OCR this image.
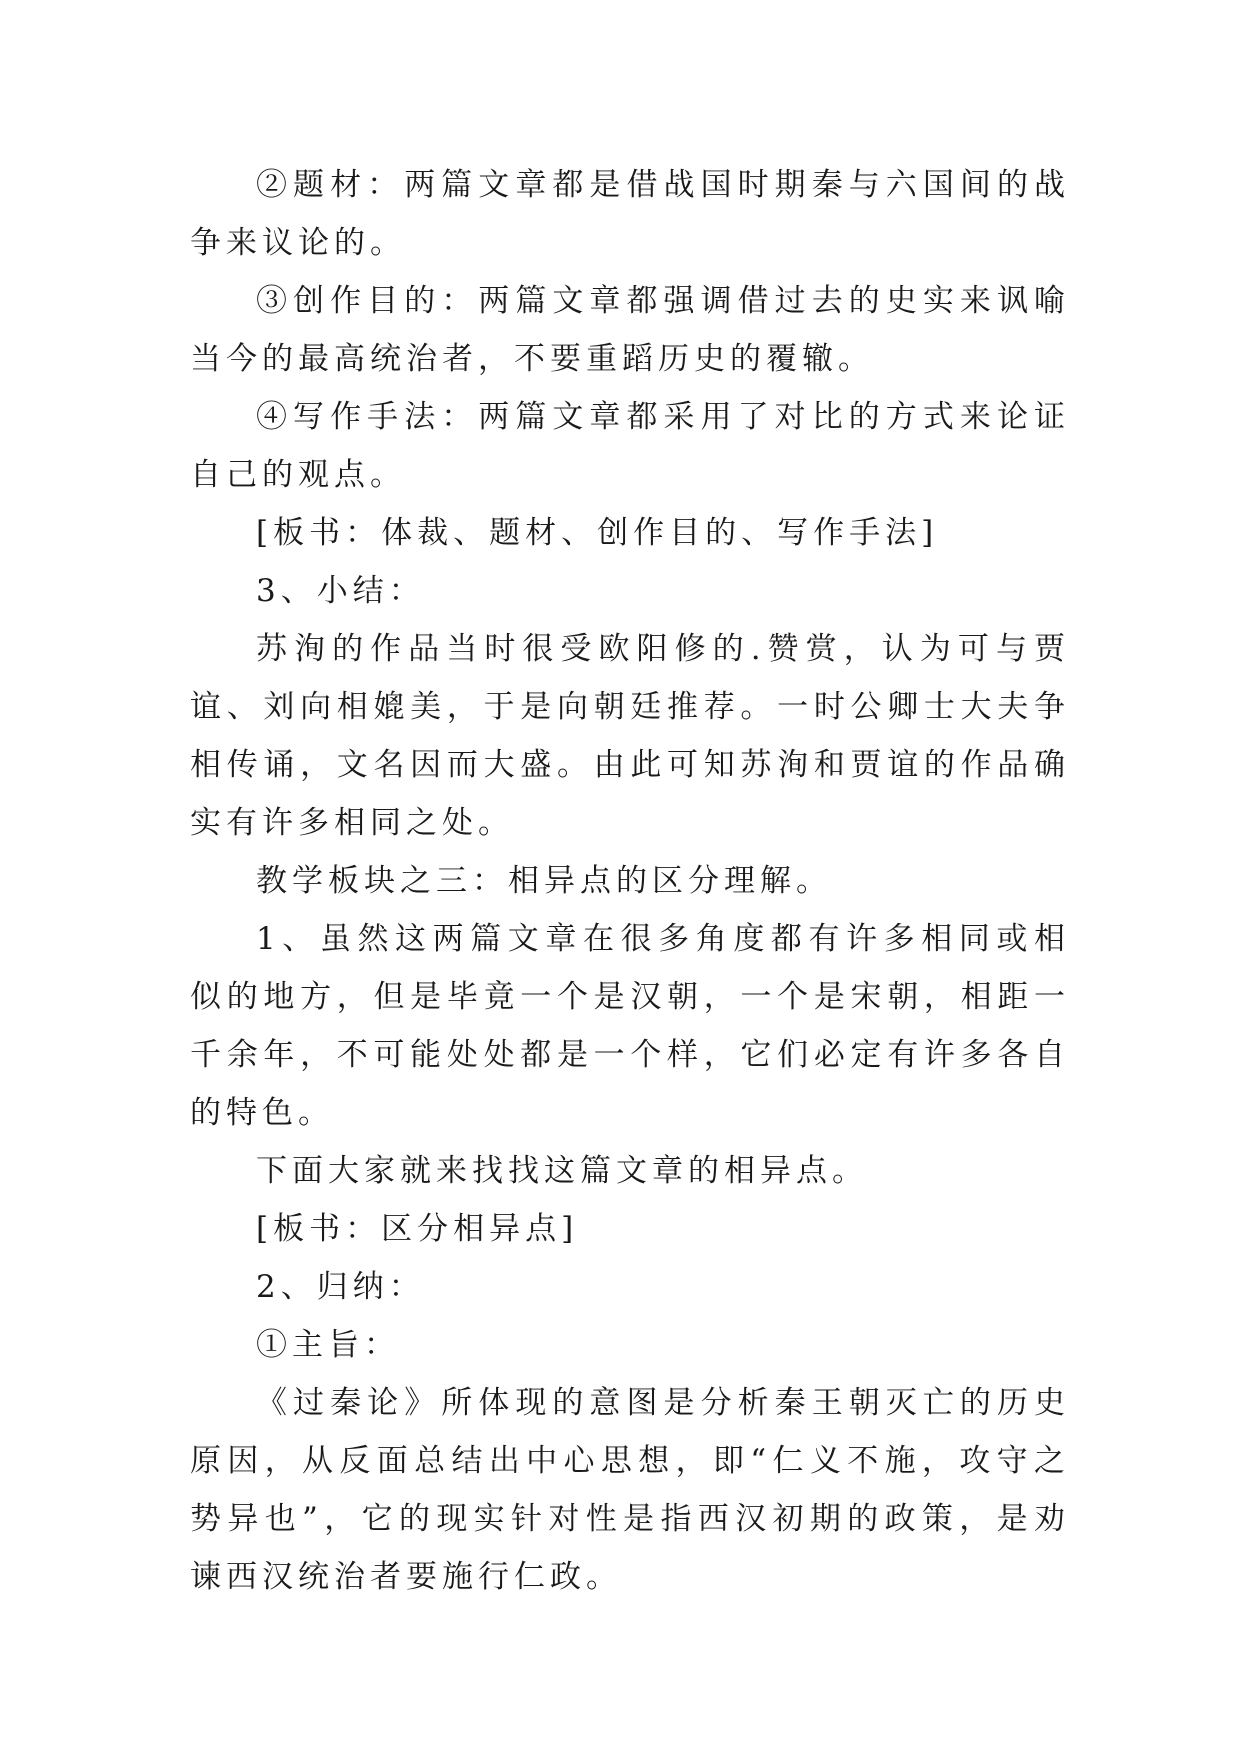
②题材：两篇文章都是借战国时期秦与六国间的战争来议论的。

③创作目的：两篇文章都强调借过去的史实来讽喻当今的最高统治者，不要重蹈历史的覆辙。

④写作手法：两篇文章都采用了对比的方式来论证自己的观点。

[板书：体裁、题材、创作目的、写作手法]

3、小结：

苏洵的作品当时很受欧阳修的.赞赏，认为可与贾谊、刘向相媲美，于是向朝廷推荐。一时公卿士大夫争相传诵，文名因而大盛。由此可知苏洵和贾谊的作品确实有许多相同之处。

教学板块之三：相异点的区分理解。

1、虽然这两篇文章在很多角度都有许多相同或相似的地方，但是毕竟一个是汉朝，一个是宋朝，相距一千余年，不可能处处都是一个样，它们必定有许多各自的特色。

下面大家就来找找这篇文章的相异点。

[板书：区分相异点]

2、归纳：

①主旨：

《过秦论》所体现的意图是分析秦王朝灭亡的历史原因，从反面总结出中心思想，即“仁义不施，攻守之势异也”，它的现实针对性是指西汉初期的政策，是劝谏西汉统治者要施行仁政。
